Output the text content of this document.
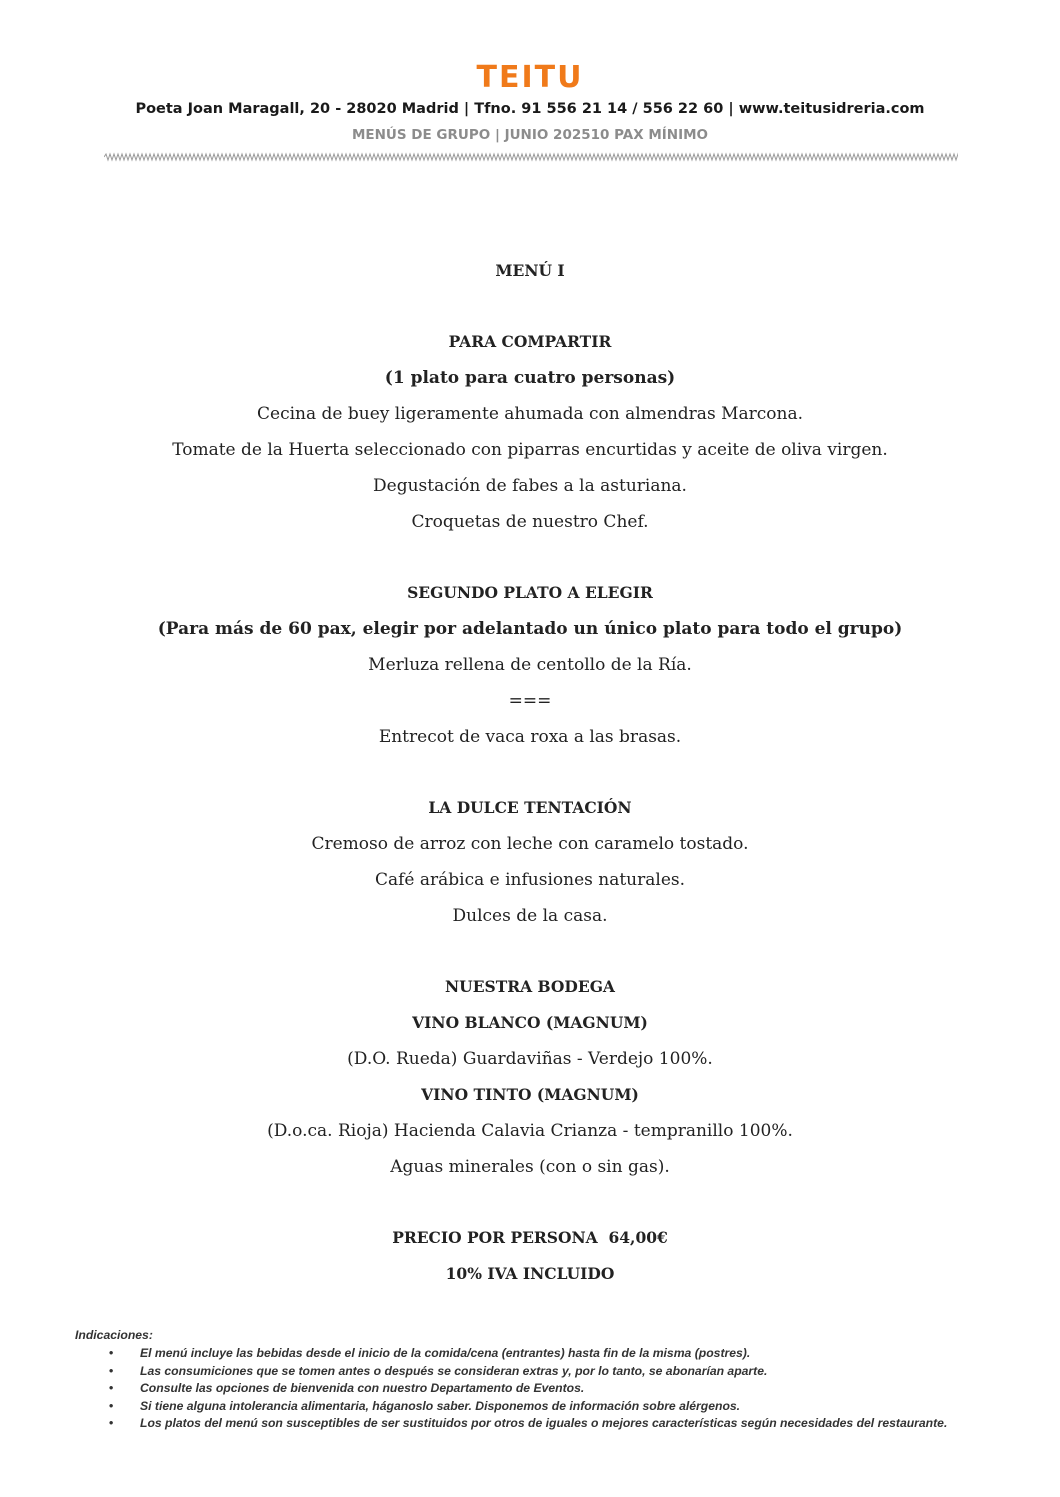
TEITU
Poeta Joan Maragall, 20 - 28020 Madrid | Tfno. 91 556 21 14 / 556 22 60 | www.teitusidreria.com
MENÚS DE GRUPO | JUNIO 202510 PAX MÍNIMO
MENÚ I
PARA COMPARTIR
(1 plato para cuatro personas)
Cecina de buey ligeramente ahumada con almendras Marcona.
Tomate de la Huerta seleccionado con piparras encurtidas y aceite de oliva virgen.
Degustación de fabes a la asturiana.
Croquetas de nuestro Chef.
SEGUNDO PLATO A ELEGIR
(Para más de 60 pax, elegir por adelantado un único plato para todo el grupo)
Merluza rellena de centollo de la Ría.
===
Entrecot de vaca roxa a las brasas.
LA DULCE TENTACIÓN
Cremoso de arroz con leche con caramelo tostado.
Café arábica e infusiones naturales.
Dulces de la casa.
NUESTRA BODEGA
VINO BLANCO (MAGNUM)
(D.O. Rueda) Guardaviñas - Verdejo 100%.
VINO TINTO (MAGNUM)
(D.o.ca. Rioja) Hacienda Calavia Crianza - tempranillo 100%.
Aguas minerales (con o sin gas).
PRECIO POR PERSONA  64,00€
10% IVA INCLUIDO
Indicaciones:
• El menú incluye las bebidas desde el inicio de la comida/cena (entrantes) hasta fin de la misma (postres).
• Las consumiciones que se tomen antes o después se consideran extras y, por lo tanto, se abonarían aparte.
• Consulte las opciones de bienvenida con nuestro Departamento de Eventos.
• Si tiene alguna intolerancia alimentaria, háganoslo saber. Disponemos de información sobre alérgenos.
• Los platos del menú son susceptibles de ser sustituidos por otros de iguales o mejores características según necesidades del restaurante.
